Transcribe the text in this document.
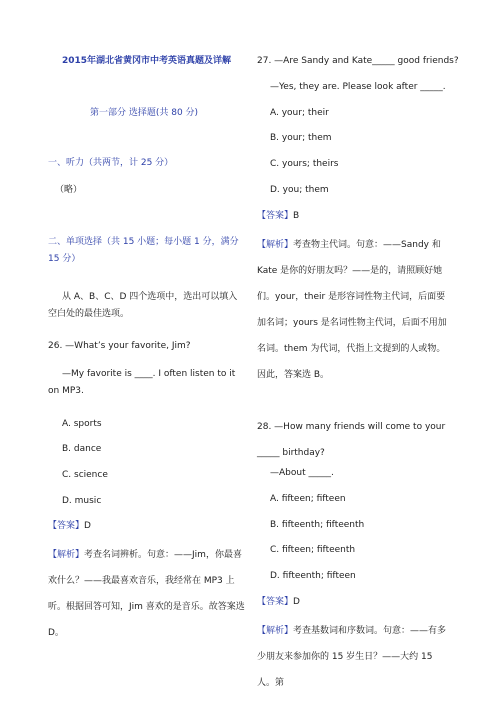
2015年湖北省黄冈市中考英语真题及详解
第一部分 选择题(共 80 分)
一、听力（共两节，计 25 分）
（略）
二、单项选择（共 15 小题；每小题 1 分，满分 15 分）
从 A、B、C、D 四个选项中，选出可以填入空白处的最佳选项。
26. —What’s your favorite, Jim?
—My favorite is ____. I often listen to it on MP3.
A. sports
B. dance
C. science
D. music
【答案】D
【解析】考查名词辨析。句意：——Jim，你最喜欢什么？——我最喜欢音乐，我经常在 MP3 上听。根据回答可知，Jim 喜欢的是音乐。故答案选 D。
27. —Are Sandy and Kate_____ good friends?
—Yes, they are. Please look after _____.
A. your; their
B. your; them
C. yours; theirs
D. you; them
【答案】B
【解析】考查物主代词。句意：——Sandy 和 Kate 是你的好朋友吗？——是的，请照顾好她们。your，their 是形容词性物主代词，后面要加名词；yours 是名词性物主代词，后面不用加名词。them 为代词，代指上文提到的人或物。因此，答案选 B。
28. —How many friends will come to your _____ birthday?
—About _____.
A. fifteen; fifteen
B. fifteenth; fifteenth
C. fifteen; fifteenth
D. fifteenth; fifteen
【答案】D
【解析】考查基数词和序数词。句意：——有多少朋友来参加你的 15 岁生日？——大约 15 人。第
